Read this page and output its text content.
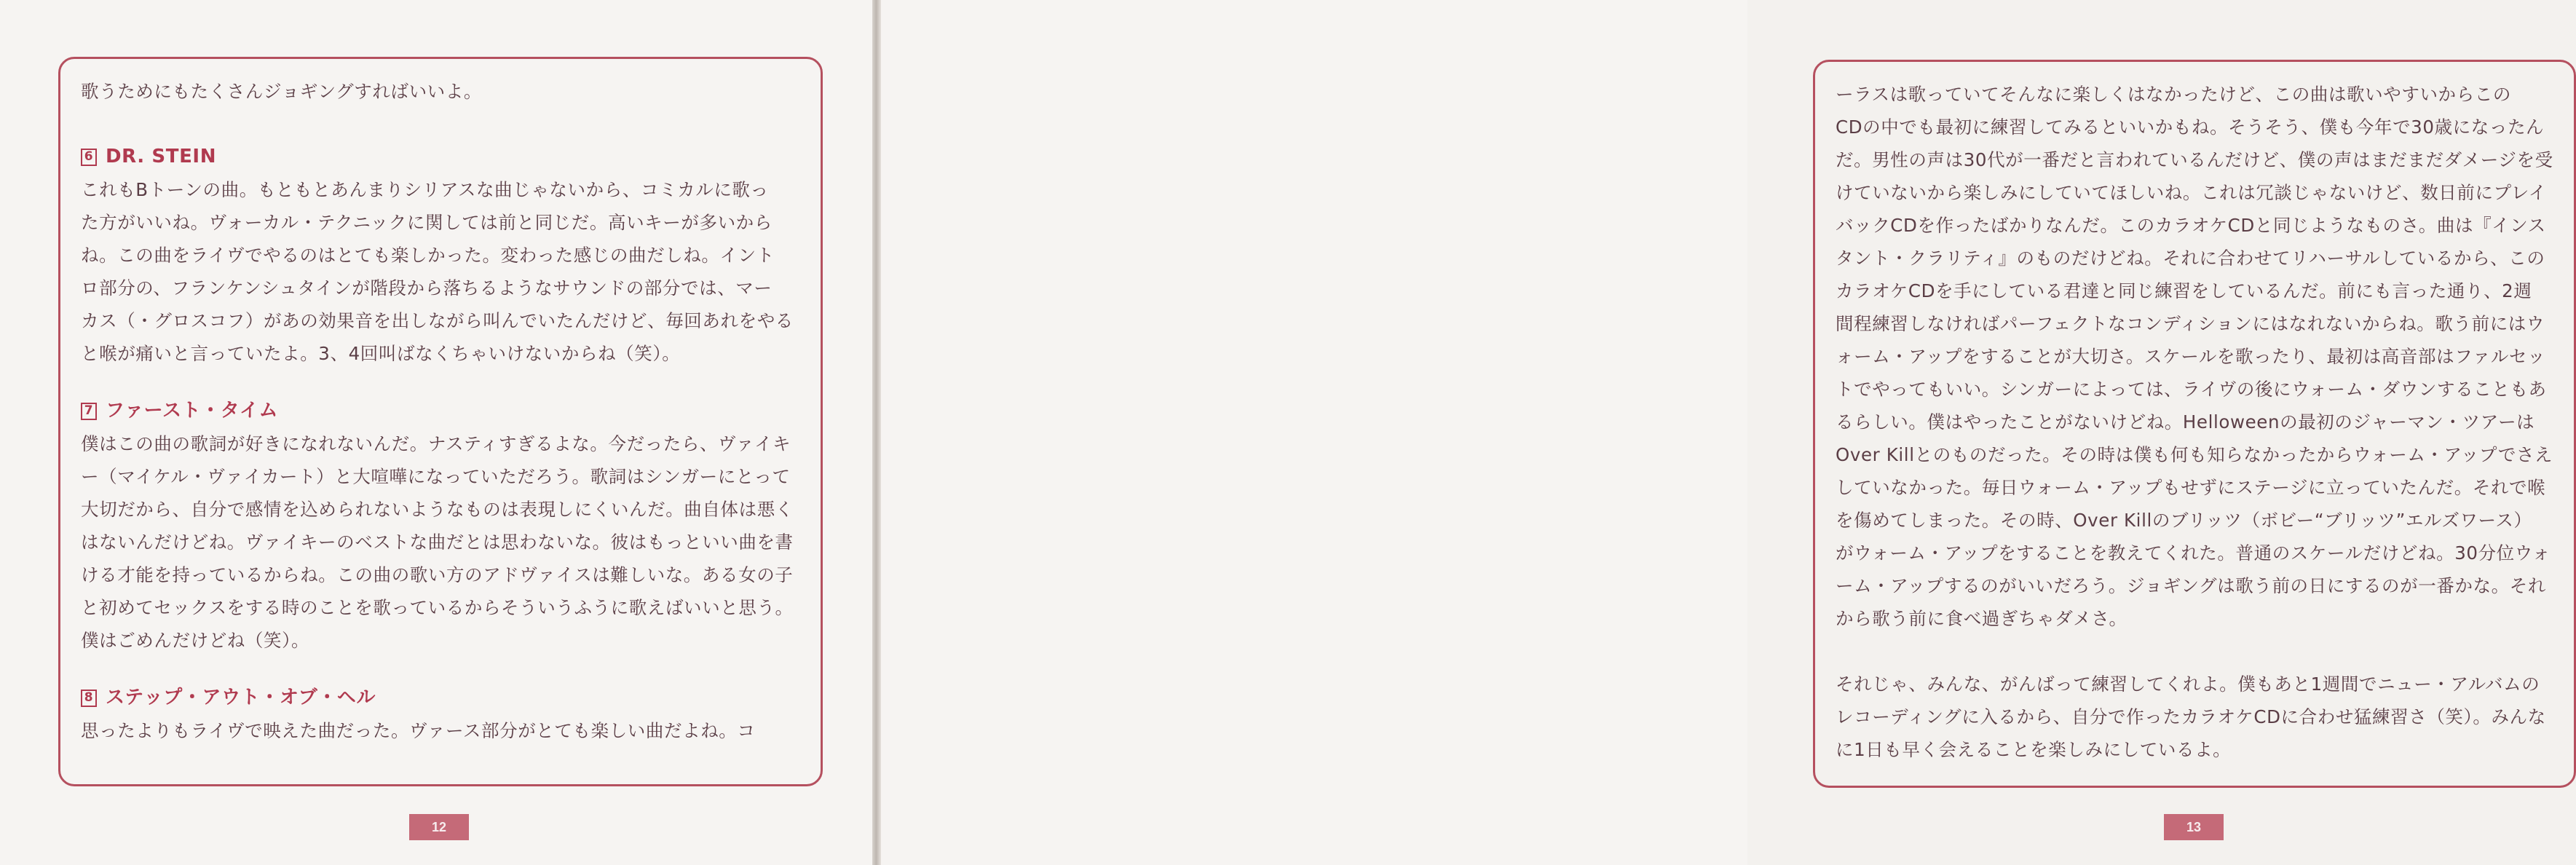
歌うためにもたくさんジョギングすればいいよ。

6 DR. STEIN

これもBトーンの曲。もともとあんまりシリアスな曲じゃないから、コミカルに歌っ

た方がいいね。ヴォーカル・テクニックに関しては前と同じだ。高いキーが多いから

ね。この曲をライヴでやるのはとても楽しかった。変わった感じの曲だしね。イント

ロ部分の、フランケンシュタインが階段から落ちるようなサウンドの部分では、マー

カス（・グロスコフ）があの効果音を出しながら叫んでいたんだけど、毎回あれをやる

と喉が痛いと言っていたよ。3、4回叫ばなくちゃいけないからね（笑）。

7 ファースト・タイム

僕はこの曲の歌詞が好きになれないんだ。ナスティすぎるよな。今だったら、ヴァイキ

ー（マイケル・ヴァイカート）と大喧嘩になっていただろう。歌詞はシンガーにとって

大切だから、自分で感情を込められないようなものは表現しにくいんだ。曲自体は悪く

はないんだけどね。ヴァイキーのベストな曲だとは思わないな。彼はもっといい曲を書

ける才能を持っているからね。この曲の歌い方のアドヴァイスは難しいな。ある女の子

と初めてセックスをする時のことを歌っているからそういうふうに歌えばいいと思う。

僕はごめんだけどね（笑）。

8 ステップ・アウト・オブ・ヘル

思ったよりもライヴで映えた曲だった。ヴァース部分がとても楽しい曲だよね。コ

12

ーラスは歌っていてそんなに楽しくはなかったけど、この曲は歌いやすいからこの

CDの中でも最初に練習してみるといいかもね。そうそう、僕も今年で30歳になったん

だ。男性の声は30代が一番だと言われているんだけど、僕の声はまだまだダメージを受

けていないから楽しみにしていてほしいね。これは冗談じゃないけど、数日前にプレイ

バックCDを作ったばかりなんだ。このカラオケCDと同じようなものさ。曲は『インス

タント・クラリティ』のものだけどね。それに合わせてリハーサルしているから、この

カラオケCDを手にしている君達と同じ練習をしているんだ。前にも言った通り、2週

間程練習しなければパーフェクトなコンディションにはなれないからね。歌う前にはウ

ォーム・アップをすることが大切さ。スケールを歌ったり、最初は高音部はファルセッ

トでやってもいい。シンガーによっては、ライヴの後にウォーム・ダウンすることもあ

るらしい。僕はやったことがないけどね。Helloweenの最初のジャーマン・ツアーは

Over Killとのものだった。その時は僕も何も知らなかったからウォーム・アップでさえ

していなかった。毎日ウォーム・アップもせずにステージに立っていたんだ。それで喉

を傷めてしまった。その時、Over Killのブリッツ（ボビー“ブリッツ”エルズワース）

がウォーム・アップをすることを教えてくれた。普通のスケールだけどね。30分位ウォ

ーム・アップするのがいいだろう。ジョギングは歌う前の日にするのが一番かな。それ

から歌う前に食べ過ぎちゃダメさ。

それじゃ、みんな、がんばって練習してくれよ。僕もあと1週間でニュー・アルバムの

レコーディングに入るから、自分で作ったカラオケCDに合わせ猛練習さ（笑）。みんな

に1日も早く会えることを楽しみにしているよ。

13
